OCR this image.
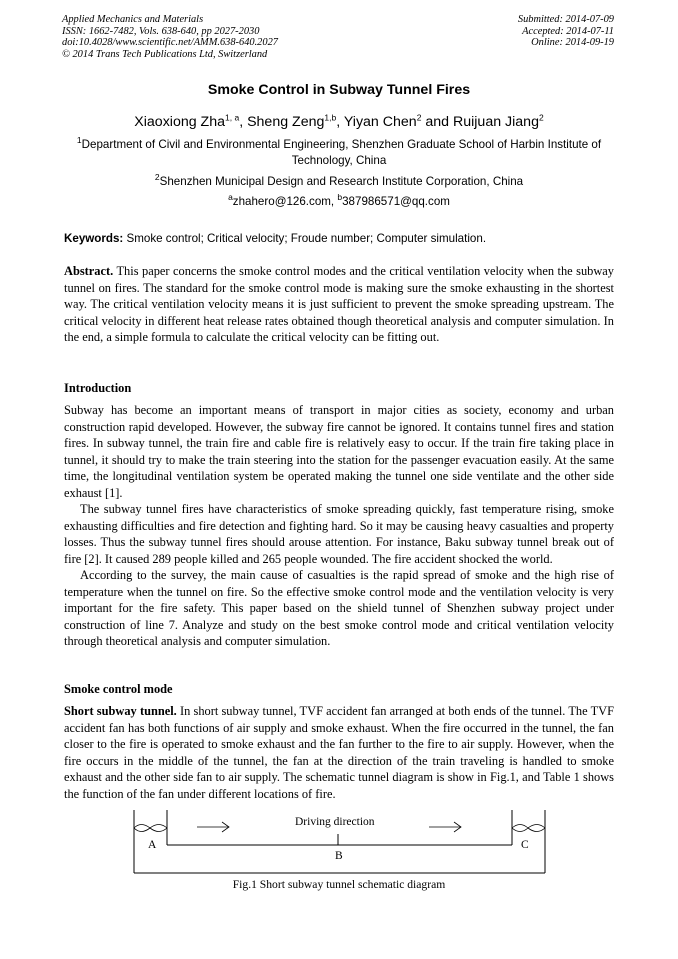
Applied Mechanics and Materials
ISSN: 1662-7482, Vols. 638-640, pp 2027-2030
doi:10.4028/www.scientific.net/AMM.638-640.2027
© 2014 Trans Tech Publications Ltd, Switzerland
Submitted: 2014-07-09
Accepted: 2014-07-11
Online: 2014-09-19
Smoke Control in Subway Tunnel Fires
Xiaoxiong Zha$^{1, a}$, Sheng Zeng$^{1,b}$, Yiyan Chen$^2$ and Ruijuan Jiang$^2$
$^1$Department of Civil and Environmental Engineering, Shenzhen Graduate School of Harbin Institute of Technology, China
$^2$Shenzhen Municipal Design and Research Institute Corporation, China
$^a$zhahero@126.com, $^b$387986571@qq.com
Keywords: Smoke control; Critical velocity; Froude number; Computer simulation.
Abstract. This paper concerns the smoke control modes and the critical ventilation velocity when the subway tunnel on fires. The standard for the smoke control mode is making sure the smoke exhausting in the shortest way. The critical ventilation velocity means it is just sufficient to prevent the smoke spreading upstream. The critical velocity in different heat release rates obtained though theoretical analysis and computer simulation. In the end, a simple formula to calculate the critical velocity can be fitting out.
Introduction
Subway has become an important means of transport in major cities as society, economy and urban construction rapid developed. However, the subway fire cannot be ignored. It contains tunnel fires and station fires. In subway tunnel, the train fire and cable fire is relatively easy to occur. If the train fire taking place in tunnel, it should try to make the train steering into the station for the passenger evacuation easily. At the same time, the longitudinal ventilation system be operated making the tunnel one side ventilate and the other side exhaust [1].
The subway tunnel fires have characteristics of smoke spreading quickly, fast temperature rising, smoke exhausting difficulties and fire detection and fighting hard. So it may be causing heavy casualties and property losses. Thus the subway tunnel fires should arouse attention. For instance, Baku subway tunnel break out of fire [2]. It caused 289 people killed and 265 people wounded. The fire accident shocked the world.
According to the survey, the main cause of casualties is the rapid spread of smoke and the high rise of temperature when the tunnel on fire. So the effective smoke control mode and the ventilation velocity is very important for the fire safety. This paper based on the shield tunnel of Shenzhen subway project under construction of line 7. Analyze and study on the best smoke control mode and critical ventilation velocity through theoretical analysis and computer simulation.
Smoke control mode
Short subway tunnel. In short subway tunnel, TVF accident fan arranged at both ends of the tunnel. The TVF accident fan has both functions of air supply and smoke exhaust. When the fire occurred in the tunnel, the fan closer to the fire is operated to smoke exhaust and the fan further to the fire to air supply. However, when the fire occurs in the middle of the tunnel, the fan at the direction of the train traveling is handled to smoke exhaust and the other side fan to air supply. The schematic tunnel diagram is show in Fig.1, and Table 1 shows the function of the fan under different locations of fire.
Driving direction
A
B
C
Fig.1 Short subway tunnel schematic diagram
